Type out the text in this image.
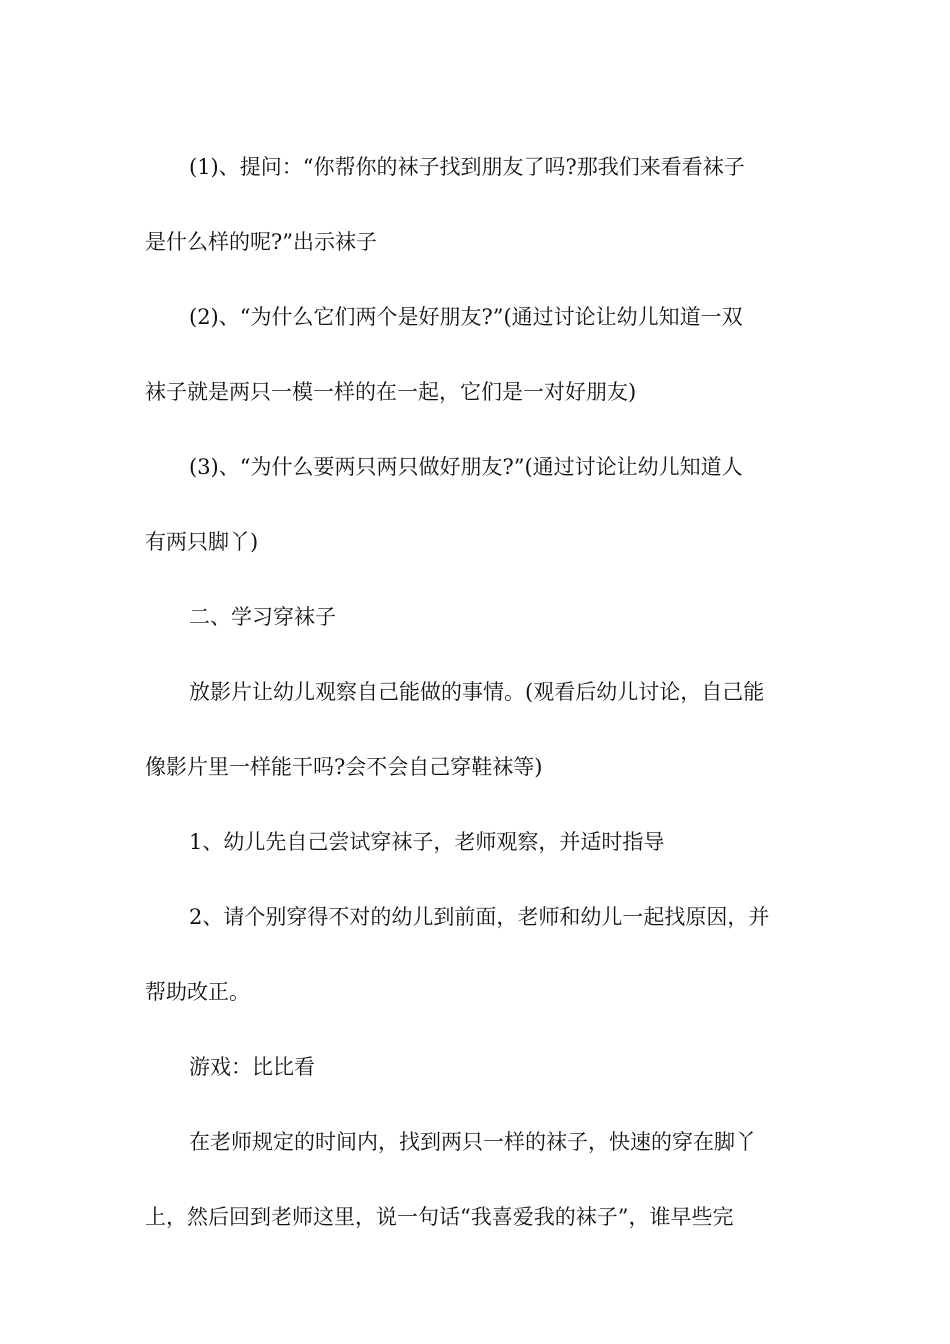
(1)、提问：“你帮你的袜子找到朋友了吗?那我们来看看袜子
是什么样的呢?”出示袜子
(2)、“为什么它们两个是好朋友?”(通过讨论让幼儿知道一双
袜子就是两只一模一样的在一起，它们是一对好朋友)
(3)、“为什么要两只两只做好朋友?”(通过讨论让幼儿知道人
有两只脚丫)
二、学习穿袜子
放影片让幼儿观察自己能做的事情。(观看后幼儿讨论，自己能
像影片里一样能干吗?会不会自己穿鞋袜等)
1、幼儿先自己尝试穿袜子，老师观察，并适时指导
2、请个别穿得不对的幼儿到前面，老师和幼儿一起找原因，并
帮助改正。
游戏：比比看
在老师规定的时间内，找到两只一样的袜子，快速的穿在脚丫
上，然后回到老师这里，说一句话“我喜爱我的袜子”，谁早些完
